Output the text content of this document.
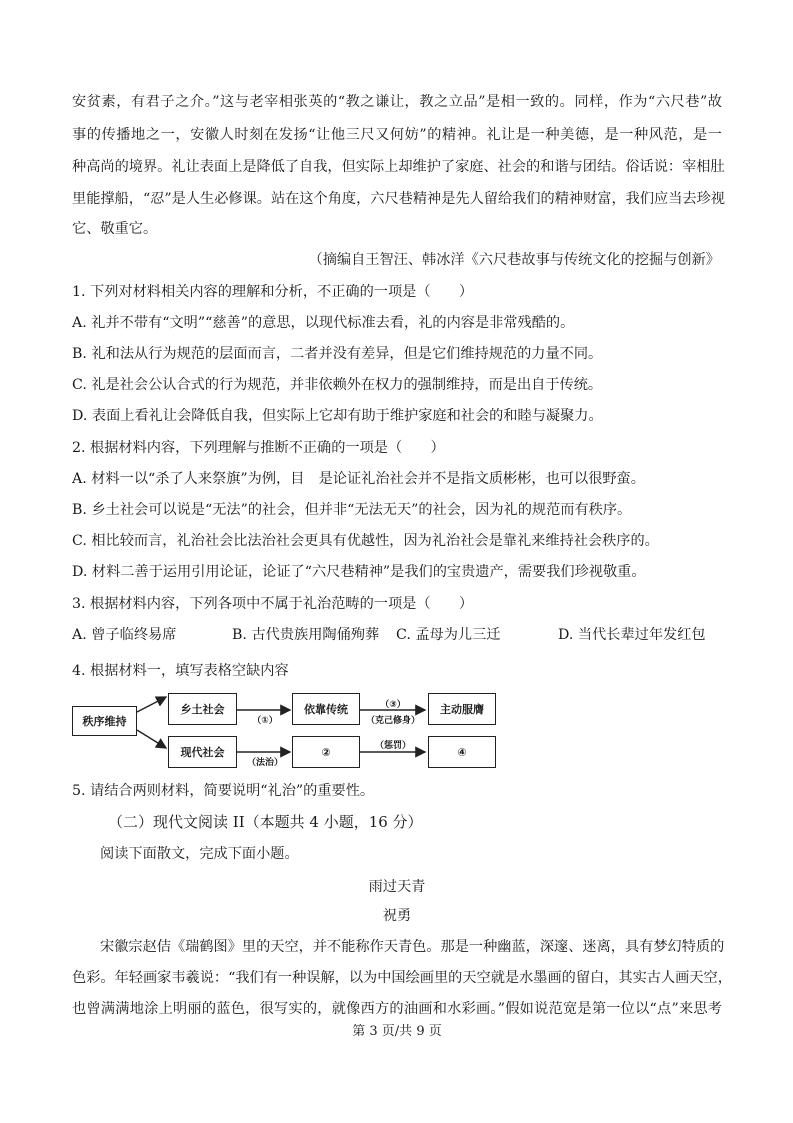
安贫素，有君子之介。”这与老宰相张英的“教之谦让，教之立品”是相一致的。同样，作为“六尺巷”故
事的传播地之一，安徽人时刻在发扬“让他三尺又何妨”的精神。礼让是一种美德，是一种风范，是一
种高尚的境界。礼让表面上是降低了自我，但实际上却维护了家庭、社会的和谐与团结。俗话说：宰相肚
里能撑船，“忍”是人生必修课。站在这个角度，六尺巷精神是先人留给我们的精神财富，我们应当去珍视
它、敬重它。
（摘编自王智汪、韩冰洋《六尺巷故事与传统文化的挖掘与创新》
1. 下列对材料相关内容的理解和分析，不正确的一项是（　　）
A. 礼并不带有“文明”“慈善”的意思，以现代标准去看，礼的内容是非常残酷的。
B. 礼和法从行为规范的层面而言，二者并没有差异，但是它们维持规范的力量不同。
C. 礼是社会公认合式的行为规范，并非依赖外在权力的强制维持，而是出自于传统。
D. 表面上看礼让会降低自我，但实际上它却有助于维护家庭和社会的和睦与凝聚力。
2. 根据材料内容，下列理解与推断不正确的一项是（　　）
A. 材料一以“杀了人来祭旗”为例，目　是论证礼治社会并不是指文质彬彬，也可以很野蛮。
B. 乡土社会可以说是“无法”的社会，但并非“无法无天”的社会，因为礼的规范而有秩序。
C. 相比较而言，礼治社会比法治社会更具有优越性，因为礼治社会是靠礼来维持社会秩序的。
D. 材料二善于运用引用论证，论证了“六尺巷精神”是我们的宝贵遗产，需要我们珍视敬重。
3. 根据材料内容，下列各项中不属于礼治范畴的一项是（　　）
A. 曾子临终易席	B. 古代贵族用陶俑殉葬 C. 孟母为儿三迁	D. 当代长辈过年发红包
4. 根据材料一，填写表格空缺内容
秩序维持
乡土社会	依靠传统	主动服膺
现代社会	②	④
（①）
（③）
（克己修身）
（法治）
（惩罚）
5. 请结合两则材料，简要说明“礼治”的重要性。
（二）现代文阅读 II（本题共 4 小题，16 分）
阅读下面散文，完成下面小题。
雨过天青
祝勇
宋徽宗赵佶《瑞鹤图》里的天空，并不能称作天青色。那是一种幽蓝，深邃、迷离，具有梦幻特质的
色彩。年轻画家韦羲说：“我们有一种误解，以为中国绘画里的天空就是水墨画的留白，其实古人画天空，
也曾满满地涂上明丽的蓝色，很写实的，就像西方的油画和水彩画。”假如说范宽是第一位以“点”来思考
第 3 页/共 9 页
